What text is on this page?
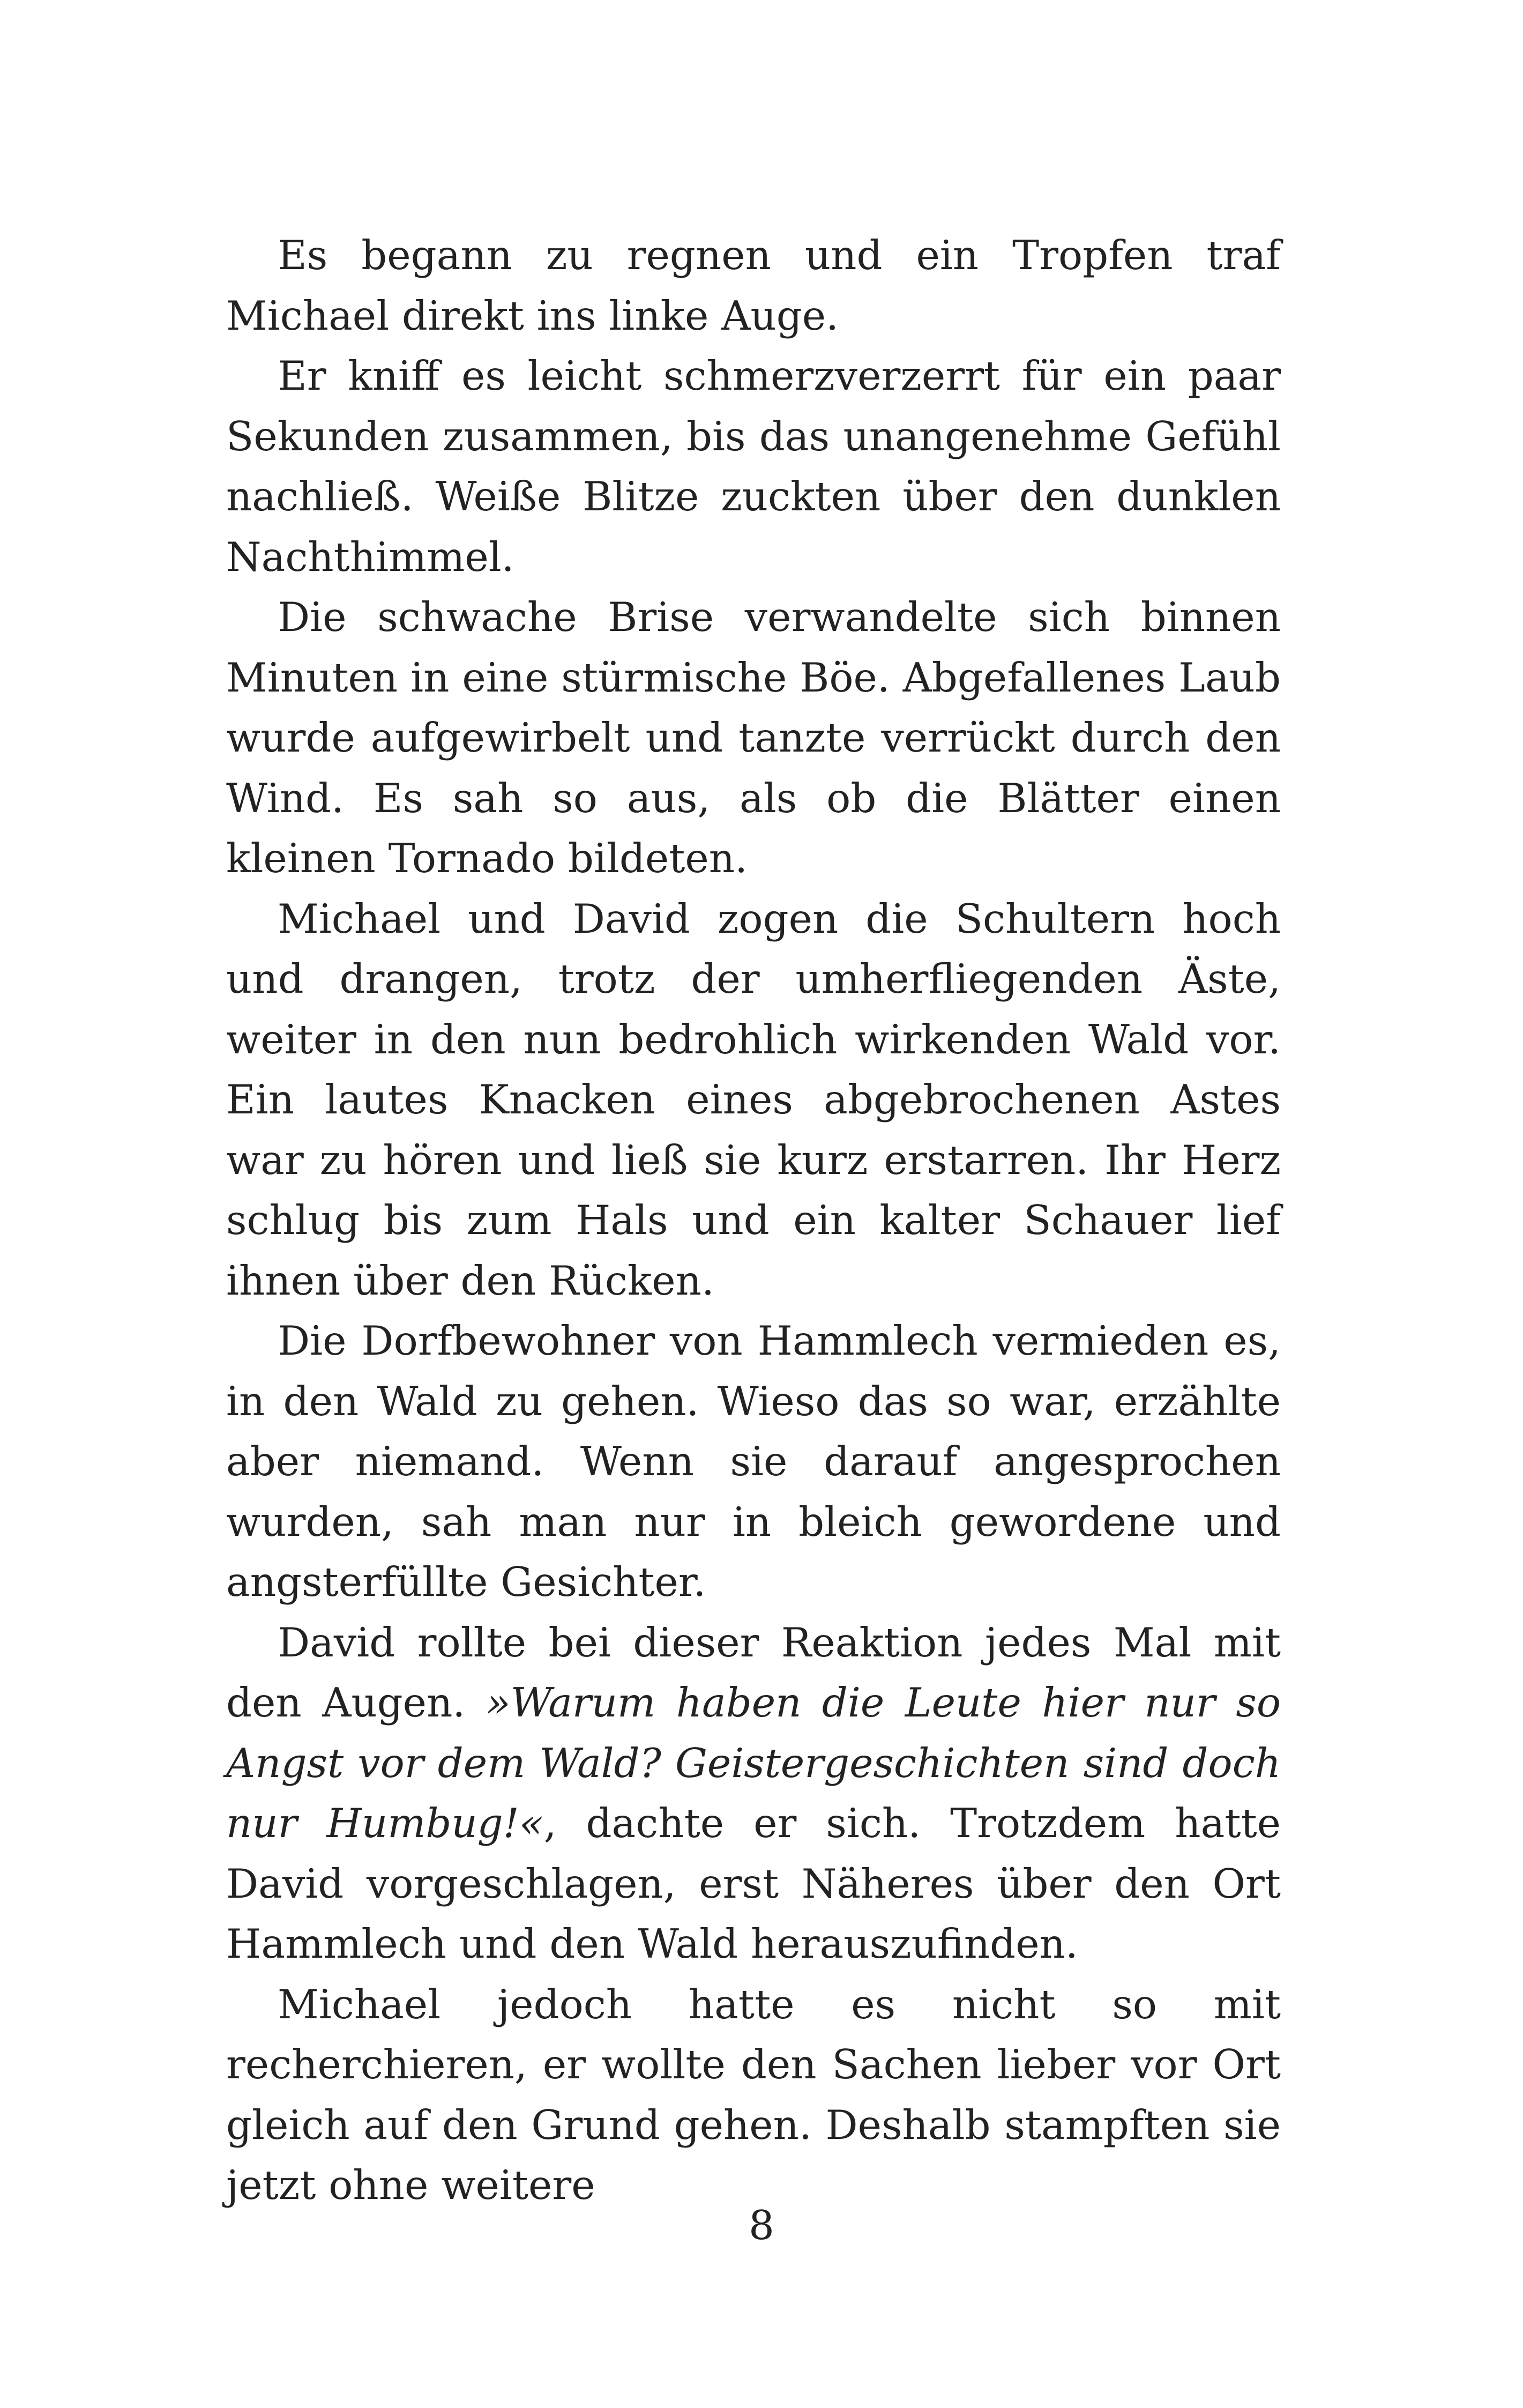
Es begann zu regnen und ein Tropfen traf Michael direkt ins linke Auge.

Er kniff es leicht schmerzverzerrt für ein paar Sekunden zusammen, bis das unangenehme Gefühl nachließ. Weiße Blitze zuckten über den dunklen Nachthimmel.

Die schwache Brise verwandelte sich binnen Minuten in eine stürmische Böe. Abgefallenes Laub wurde aufgewirbelt und tanzte verrückt durch den Wind. Es sah so aus, als ob die Blätter einen kleinen Tornado bildeten.

Michael und David zogen die Schultern hoch und drangen, trotz der umherfliegenden Äste, weiter in den nun bedrohlich wirkenden Wald vor. Ein lautes Knacken eines abgebrochenen Astes war zu hören und ließ sie kurz erstarren. Ihr Herz schlug bis zum Hals und ein kalter Schauer lief ihnen über den Rücken.

Die Dorfbewohner von Hammlech vermieden es, in den Wald zu gehen. Wieso das so war, erzählte aber niemand. Wenn sie darauf angesprochen wurden, sah man nur in bleich gewordene und angsterfüllte Gesichter.

David rollte bei dieser Reaktion jedes Mal mit den Augen. »Warum haben die Leute hier nur so Angst vor dem Wald? Geistergeschichten sind doch nur Humbug!«, dachte er sich. Trotzdem hatte David vorgeschlagen, erst Näheres über den Ort Hammlech und den Wald herauszufinden.

Michael jedoch hatte es nicht so mit recherchieren, er wollte den Sachen lieber vor Ort gleich auf den Grund gehen. Deshalb stampften sie jetzt ohne weitere

8
